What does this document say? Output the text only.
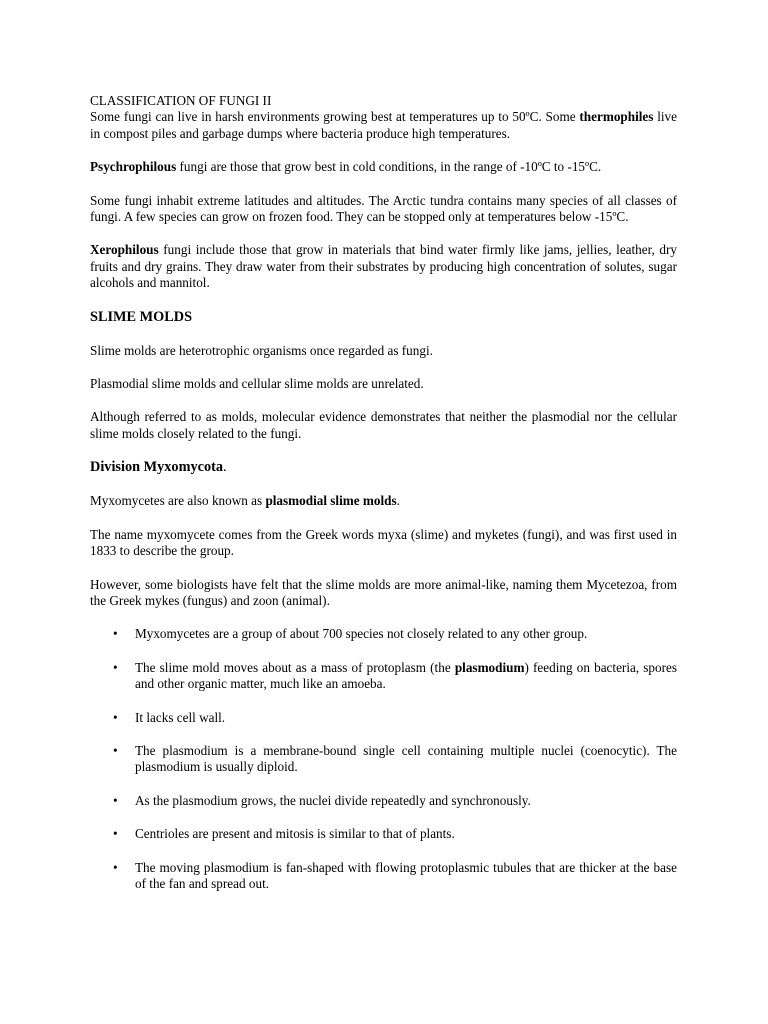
CLASSIFICATION OF FUNGI II

Some fungi can live in harsh environments growing best at temperatures up to 50ºC. Some thermophiles live in compost piles and garbage dumps where bacteria produce high temperatures.

Psychrophilous fungi are those that grow best in cold conditions, in the range of -10ºC to -15ºC.

Some fungi inhabit extreme latitudes and altitudes. The Arctic tundra contains many species of all classes of fungi. A few species can grow on frozen food. They can be stopped only at temperatures below -15ºC.

Xerophilous fungi include those that grow in materials that bind water firmly like jams, jellies, leather, dry fruits and dry grains. They draw water from their substrates by producing high concentration of solutes, sugar alcohols and mannitol.

SLIME MOLDS

Slime molds are heterotrophic organisms once regarded as fungi.

Plasmodial slime molds and cellular slime molds are unrelated.

Although referred to as molds, molecular evidence demonstrates that neither the plasmodial nor the cellular slime molds closely related to the fungi.

Division Myxomycota.

Myxomycetes are also known as plasmodial slime molds.

The name myxomycete comes from the Greek words myxa (slime) and myketes (fungi), and was first used in 1833 to describe the group.

However, some biologists have felt that the slime molds are more animal-like, naming them Mycetezoa, from the Greek mykes (fungus) and zoon (animal).

• Myxomycetes are a group of about 700 species not closely related to any other group.
• The slime mold moves about as a mass of protoplasm (the plasmodium) feeding on bacteria, spores and other organic matter, much like an amoeba.
• It lacks cell wall.
• The plasmodium is a membrane-bound single cell containing multiple nuclei (coenocytic). The plasmodium is usually diploid.
• As the plasmodium grows, the nuclei divide repeatedly and synchronously.
• Centrioles are present and mitosis is similar to that of plants.
• The moving plasmodium is fan-shaped with flowing protoplasmic tubules that are thicker at the base of the fan and spread out.
